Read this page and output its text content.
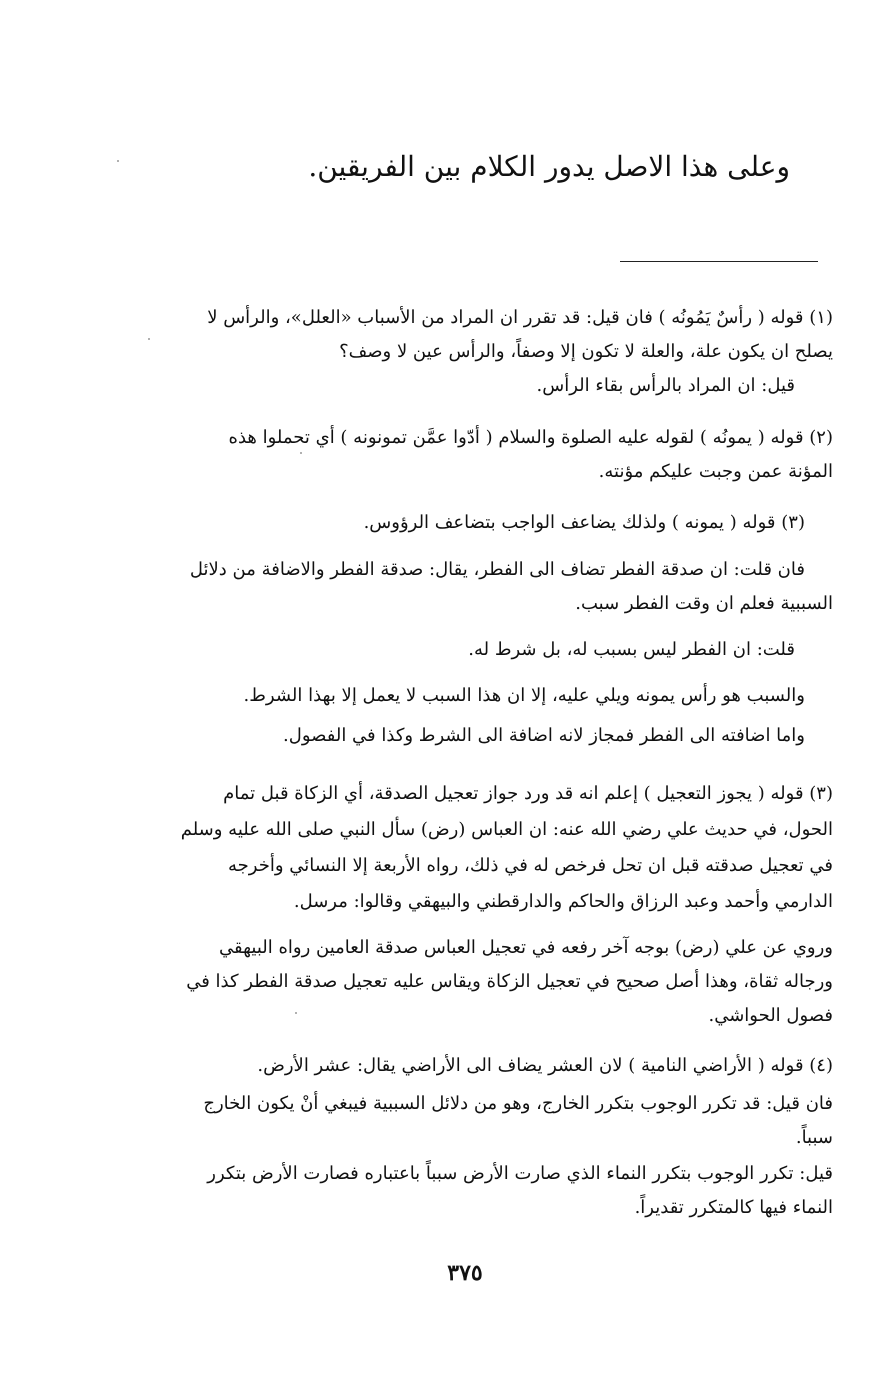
وعلى هذا الاصل يدور الكلام بين الفريقين.
(١) قوله ( رأسٌ يَمُونُه ) فان قيل: قد تقرر ان المراد من الأسباب «العلل»، والرأس لا
يصلح ان يكون علة، والعلة لا تكون إلا وصفاً، والرأس عين لا وصف؟
قيل: ان المراد بالرأس بقاء الرأس.
(٢) قوله ( يمونُه ) لقوله عليه الصلوة والسلام ( أدّوا عمَّن تمونونه ) أي تحملوا هذه
المؤنة عمن وجبت عليكم مؤنته.
(٣) قوله ( يمونه ) ولذلك يضاعف الواجب بتضاعف الرؤوس.
فان قلت: ان صدقة الفطر تضاف الى الفطر، يقال: صدقة الفطر والاضافة من دلائل
السببية فعلم ان وقت الفطر سبب.
قلت: ان الفطر ليس بسبب له، بل شرط له.
والسبب هو رأس يمونه ويلي عليه، إلا ان هذا السبب لا يعمل إلا بهذا الشرط.
واما اضافته الى الفطر فمجاز لانه اضافة الى الشرط وكذا في الفصول.
(٣) قوله ( يجوز التعجيل ) إعلم انه قد ورد جواز تعجيل الصدقة، أي الزكاة قبل تمام
الحول، في حديث علي رضي الله عنه: ان العباس (رض) سأل النبي صلى الله عليه وسلم
في تعجيل صدقته قبل ان تحل فرخص له في ذلك، رواه الأربعة إلا النسائي وأخرجه
الدارمي وأحمد وعبد الرزاق والحاكم والدارقطني والبيهقي وقالوا: مرسل.
وروي عن علي (رض) بوجه آخر رفعه في تعجيل العباس صدقة العامين رواه البيهقي
ورجاله ثقاة، وهذا أصل صحيح في تعجيل الزكاة ويقاس عليه تعجيل صدقة الفطر كذا في
فصول الحواشي.
(٤) قوله ( الأراضي النامية ) لان العشر يضاف الى الأراضي يقال: عشر الأرض.
فان قيل: قد تكرر الوجوب بتكرر الخارج، وهو من دلائل السببية فيبغي أنْ يكون الخارج
سبباً.
قيل: تكرر الوجوب بتكرر النماء الذي صارت الأرض سبباً باعتباره فصارت الأرض بتكرر
النماء فيها كالمتكرر تقديراً.
٣٧٥
